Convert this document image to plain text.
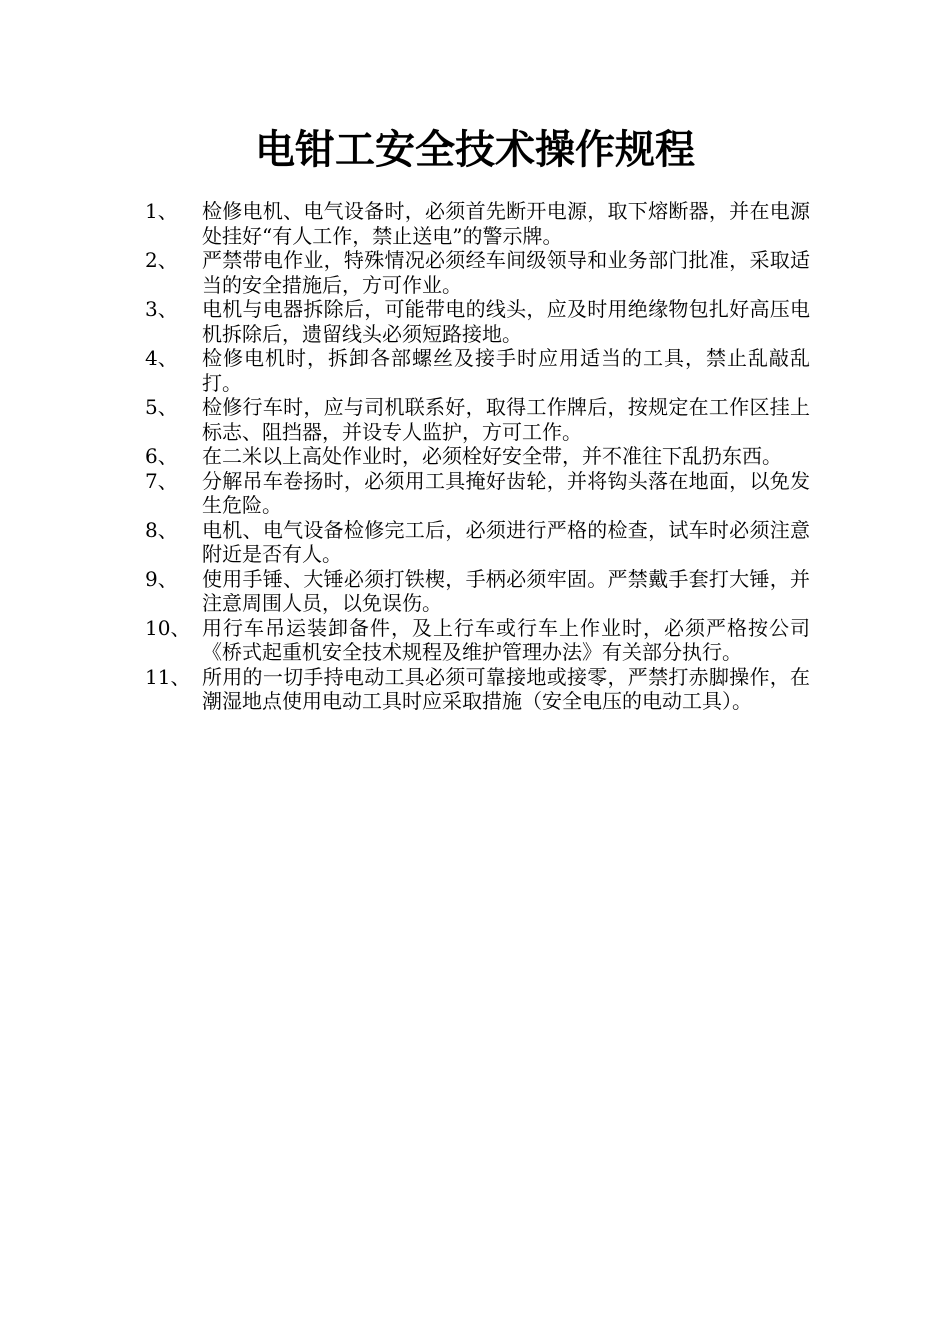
电钳工安全技术操作规程
1、	检修电机、电气设备时，必须首先断开电源，取下熔断器，并在电源处挂好“有人工作，禁止送电”的警示牌。
2、	严禁带电作业，特殊情况必须经车间级领导和业务部门批准，采取适当的安全措施后，方可作业。
3、	电机与电器拆除后，可能带电的线头，应及时用绝缘物包扎好高压电机拆除后，遗留线头必须短路接地。
4、	检修电机时，拆卸各部螺丝及接手时应用适当的工具，禁止乱敲乱打。
5、	检修行车时，应与司机联系好，取得工作牌后，按规定在工作区挂上标志、阻挡器，并设专人监护，方可工作。
6、	在二米以上高处作业时，必须栓好安全带，并不准往下乱扔东西。
7、	分解吊车卷扬时，必须用工具掩好齿轮，并将钩头落在地面，以免发生危险。
8、	电机、电气设备检修完工后，必须进行严格的检查，试车时必须注意附近是否有人。
9、	使用手锤、大锤必须打铁楔，手柄必须牢固。严禁戴手套打大锤，并注意周围人员，以免误伤。
10、 用行车吊运装卸备件，及上行车或行车上作业时，必须严格按公司《桥式起重机安全技术规程及维护管理办法》有关部分执行。
11、 所用的一切手持电动工具必须可靠接地或接零，严禁打赤脚操作，在潮湿地点使用电动工具时应采取措施（安全电压的电动工具）。
